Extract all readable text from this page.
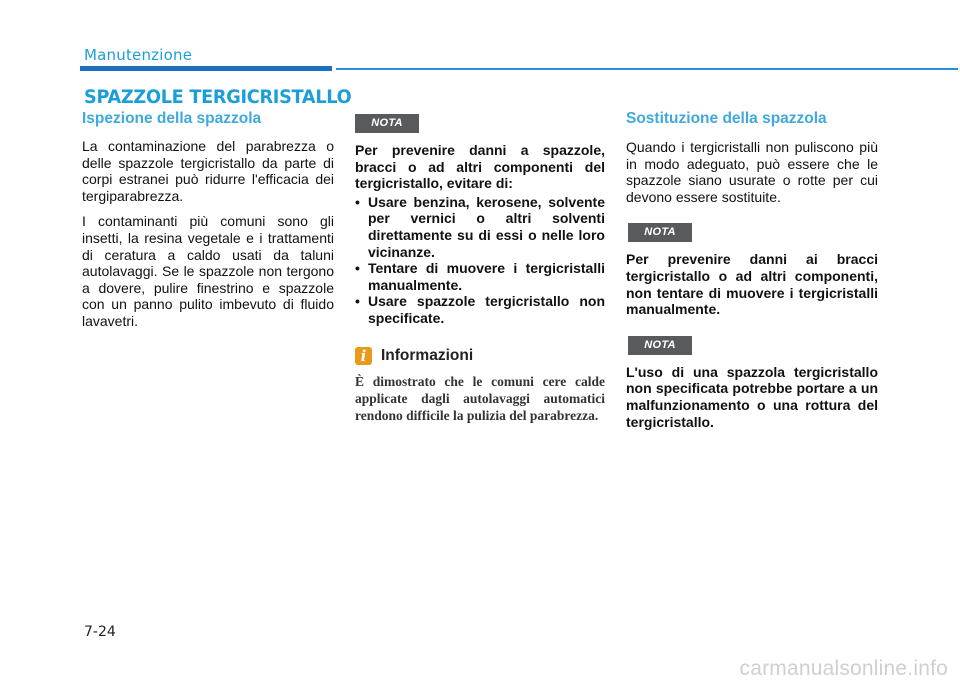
Manutenzione
SPAZZOLE TERGICRISTALLO
Ispezione della spazzola

La contaminazione del parabrezza o delle spazzole tergicristallo da parte di corpi estranei può ridurre l'efficacia dei tergiparabrezza.

I contaminanti più comuni sono gli insetti, la resina vegetale e i trattamenti di ceratura a caldo usati da taluni autolavaggi. Se le spazzole non tergono a dovere, pulire finestrino e spazzole con un panno pulito imbevuto di fluido lavavetri.

NOTA

Per prevenire danni a spazzole, bracci o ad altri componenti del tergicristallo, evitare di:

• Usare benzina, kerosene, solvente per vernici o altri solventi direttamente su di essi o nelle loro vicinanze.
• Tentare di muovere i tergicristalli manualmente.
• Usare spazzole tergicristallo non specificate.
i Informazioni

È dimostrato che le comuni cere calde applicate dagli autolavaggi automatici rendono difficile la pulizia del parabrezza.

Sostituzione della spazzola

Quando i tergicristalli non puliscono più in modo adeguato, può essere che le spazzole siano usurate o rotte per cui devono essere sostituite.

NOTA

Per prevenire danni ai bracci tergicristallo o ad altri componenti, non tentare di muovere i tergicristalli manualmente.

NOTA

L'uso di una spazzola tergicristallo non specificata potrebbe portare a un malfunzionamento o una rottura del tergicristallo.

7-24
carmanualsonline.info
